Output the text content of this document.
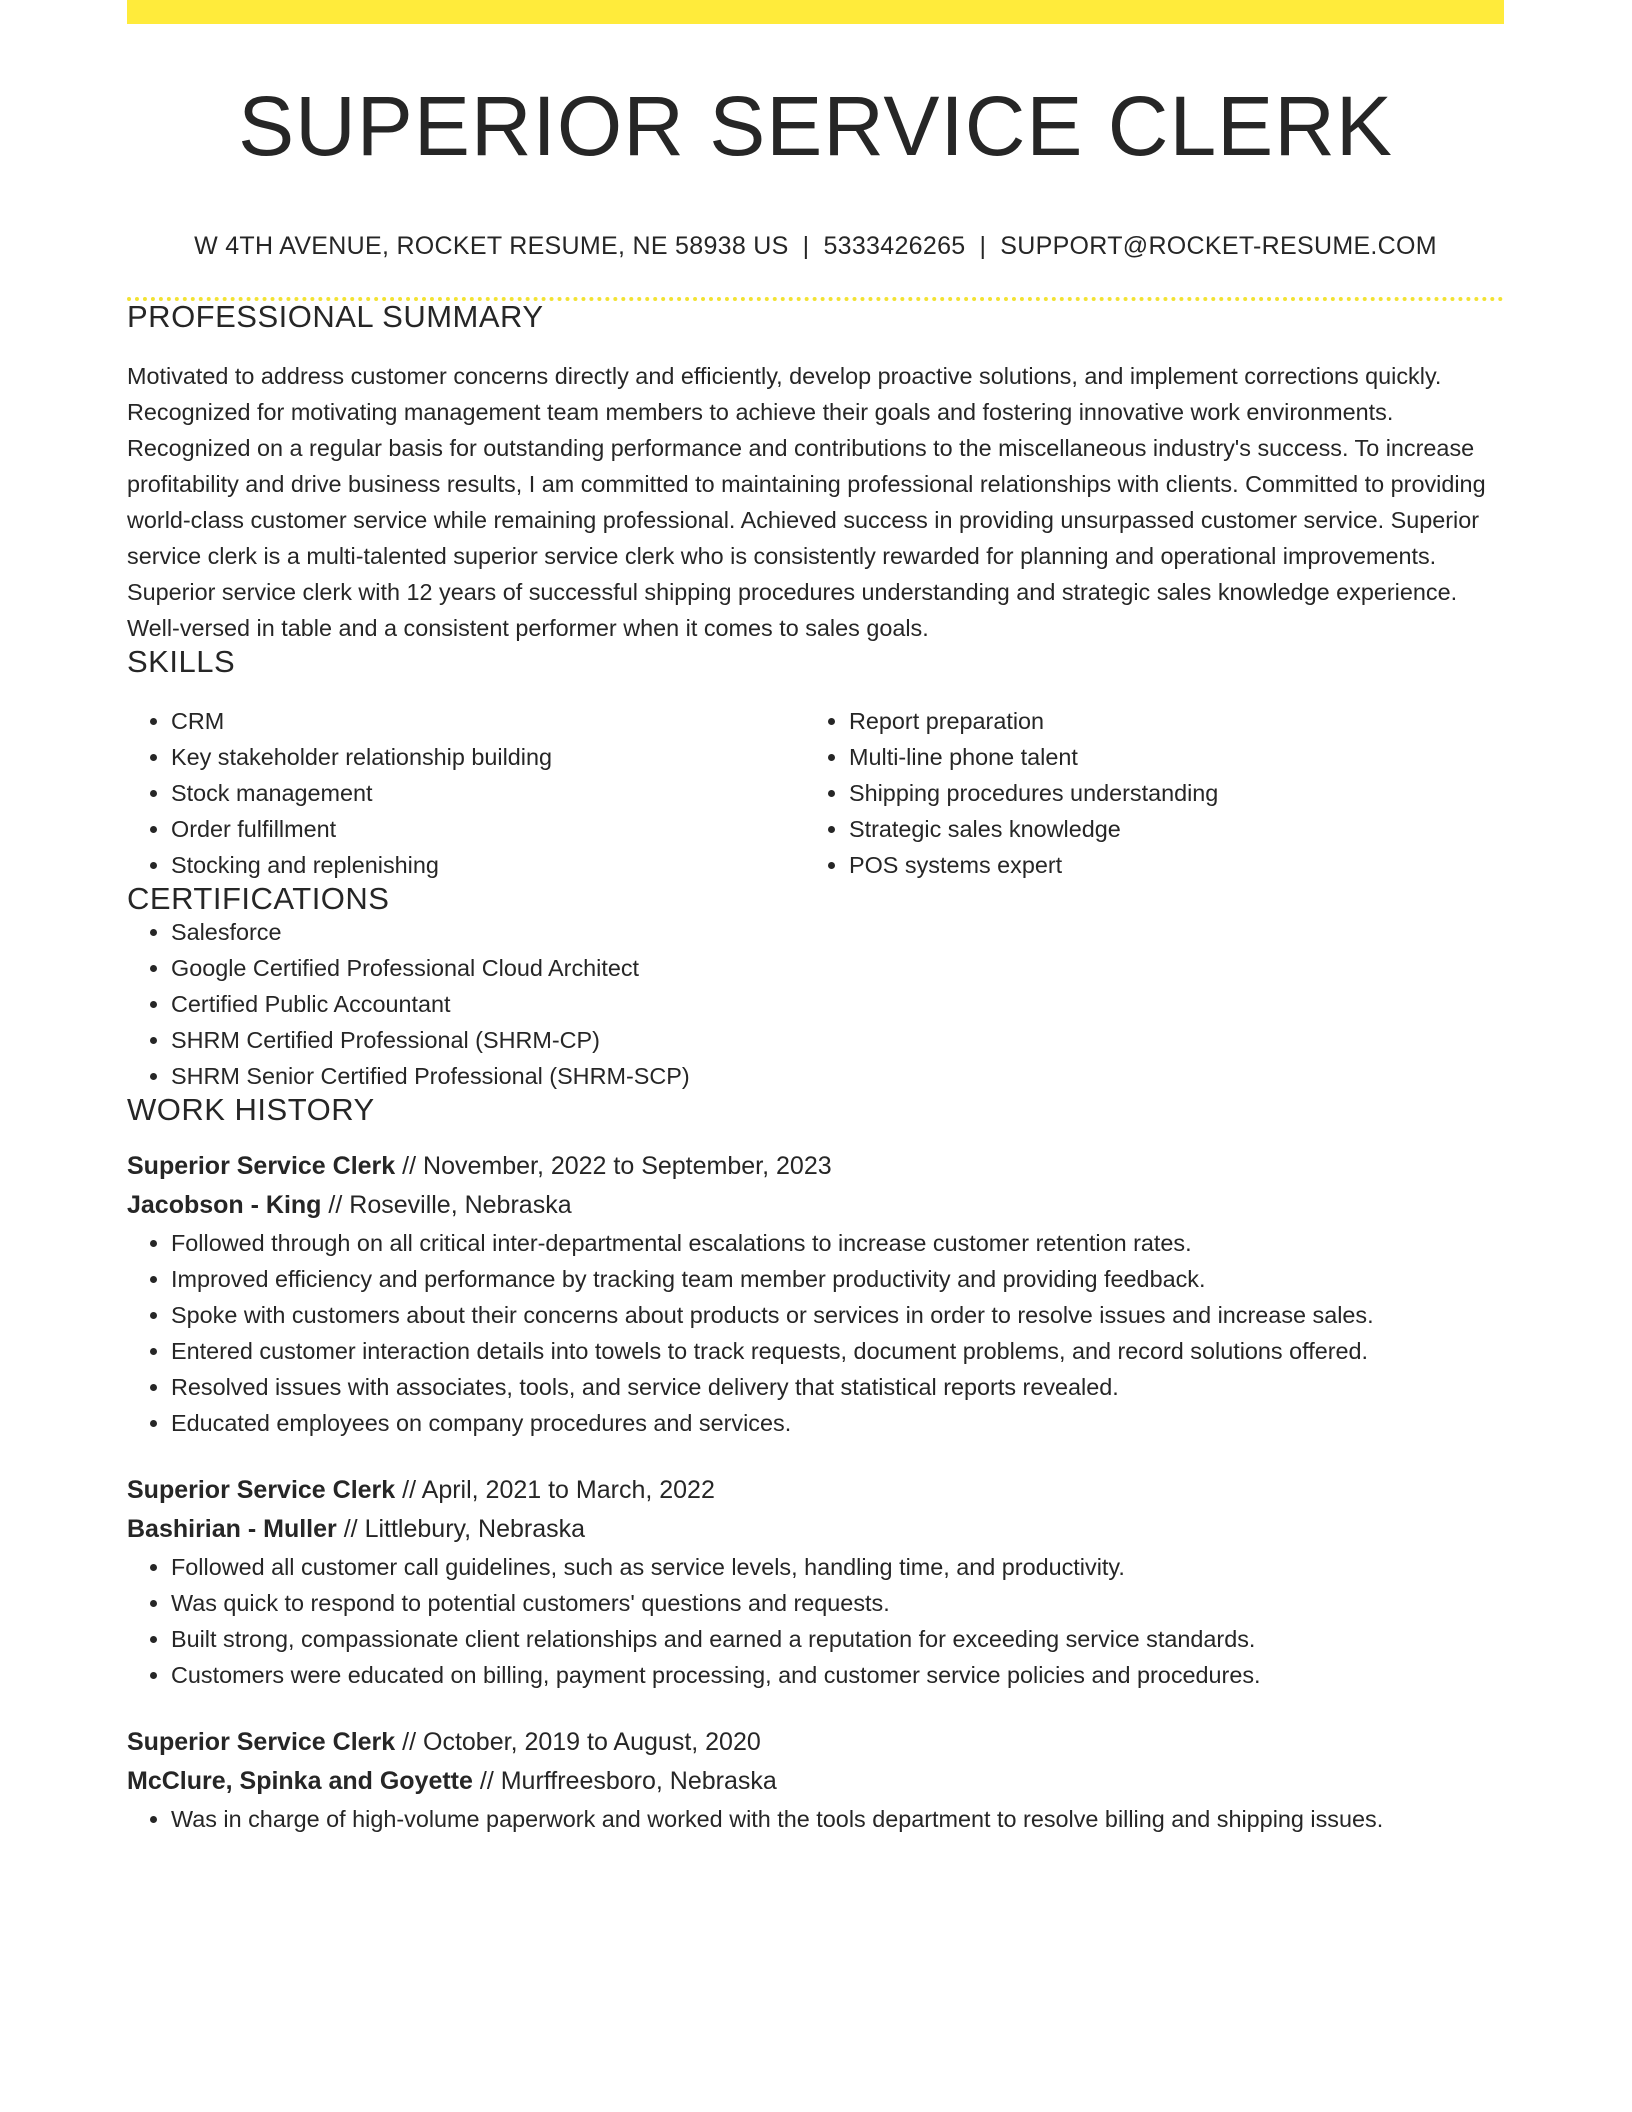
SUPERIOR SERVICE CLERK
W 4TH AVENUE, ROCKET RESUME, NE 58938 US | 5333426265 | SUPPORT@ROCKET-RESUME.COM
PROFESSIONAL SUMMARY
Motivated to address customer concerns directly and efficiently, develop proactive solutions, and implement corrections quickly. Recognized for motivating management team members to achieve their goals and fostering innovative work environments. Recognized on a regular basis for outstanding performance and contributions to the miscellaneous industry's success. To increase profitability and drive business results, I am committed to maintaining professional relationships with clients. Committed to providing world-class customer service while remaining professional. Achieved success in providing unsurpassed customer service. Superior service clerk is a multi-talented superior service clerk who is consistently rewarded for planning and operational improvements. Superior service clerk with 12 years of successful shipping procedures understanding and strategic sales knowledge experience. Well-versed in table and a consistent performer when it comes to sales goals.
SKILLS
• CRM
• Key stakeholder relationship building
• Stock management
• Order fulfillment
• Stocking and replenishing
• Report preparation
• Multi-line phone talent
• Shipping procedures understanding
• Strategic sales knowledge
• POS systems expert
CERTIFICATIONS
• Salesforce
• Google Certified Professional Cloud Architect
• Certified Public Accountant
• SHRM Certified Professional (SHRM-CP)
• SHRM Senior Certified Professional (SHRM-SCP)
WORK HISTORY
Superior Service Clerk // November, 2022 to September, 2023
Jacobson - King // Roseville, Nebraska
• Followed through on all critical inter-departmental escalations to increase customer retention rates.
• Improved efficiency and performance by tracking team member productivity and providing feedback.
• Spoke with customers about their concerns about products or services in order to resolve issues and increase sales.
• Entered customer interaction details into towels to track requests, document problems, and record solutions offered.
• Resolved issues with associates, tools, and service delivery that statistical reports revealed.
• Educated employees on company procedures and services.
Superior Service Clerk // April, 2021 to March, 2022
Bashirian - Muller // Littlebury, Nebraska
• Followed all customer call guidelines, such as service levels, handling time, and productivity.
• Was quick to respond to potential customers' questions and requests.
• Built strong, compassionate client relationships and earned a reputation for exceeding service standards.
• Customers were educated on billing, payment processing, and customer service policies and procedures.
Superior Service Clerk // October, 2019 to August, 2020
McClure, Spinka and Goyette // Murffreesboro, Nebraska
• Was in charge of high-volume paperwork and worked with the tools department to resolve billing and shipping issues.
